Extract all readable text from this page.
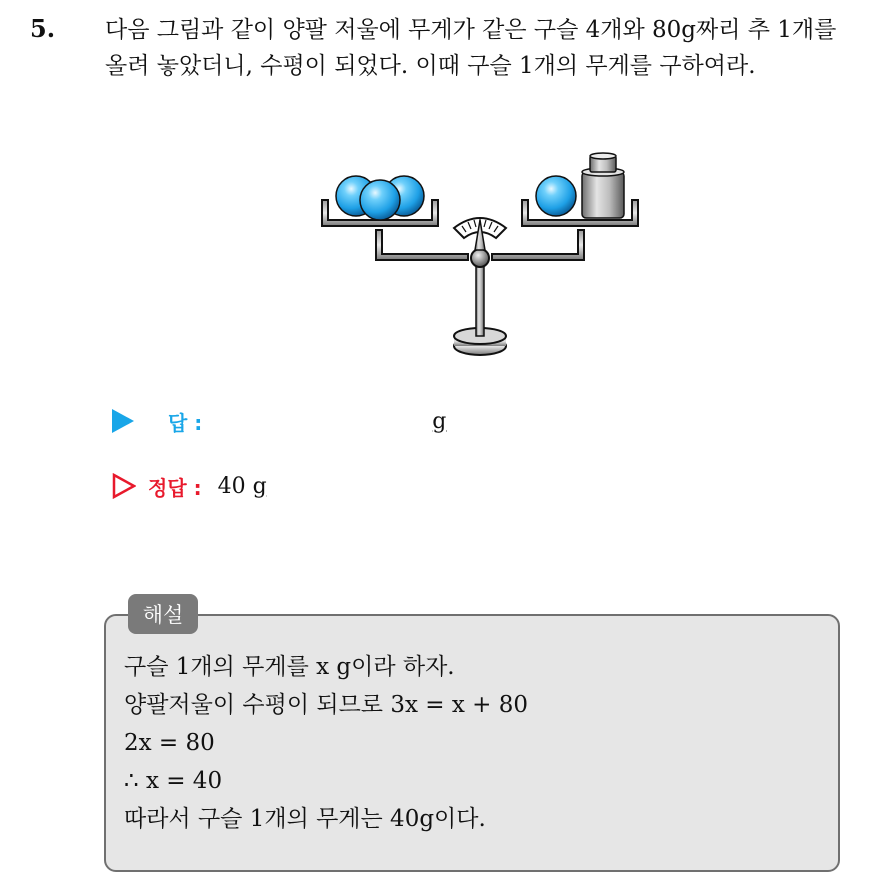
5. 다음 그림과 같이 양팔 저울에 무게가 같은 구슬 4개와 80g짜리 추 1개를 올려 놓았더니, 수평이 되었다. 이때 구슬 1개의 무게를 구하여라.
답 :	g
정답 : 40 g
해설
구슬 1개의 무게를 x g이라 하자.
양팔저울이 수평이 되므로 3x = x + 80
2x = 80
∴ x = 40
따라서 구슬 1개의 무게는 40g이다.
